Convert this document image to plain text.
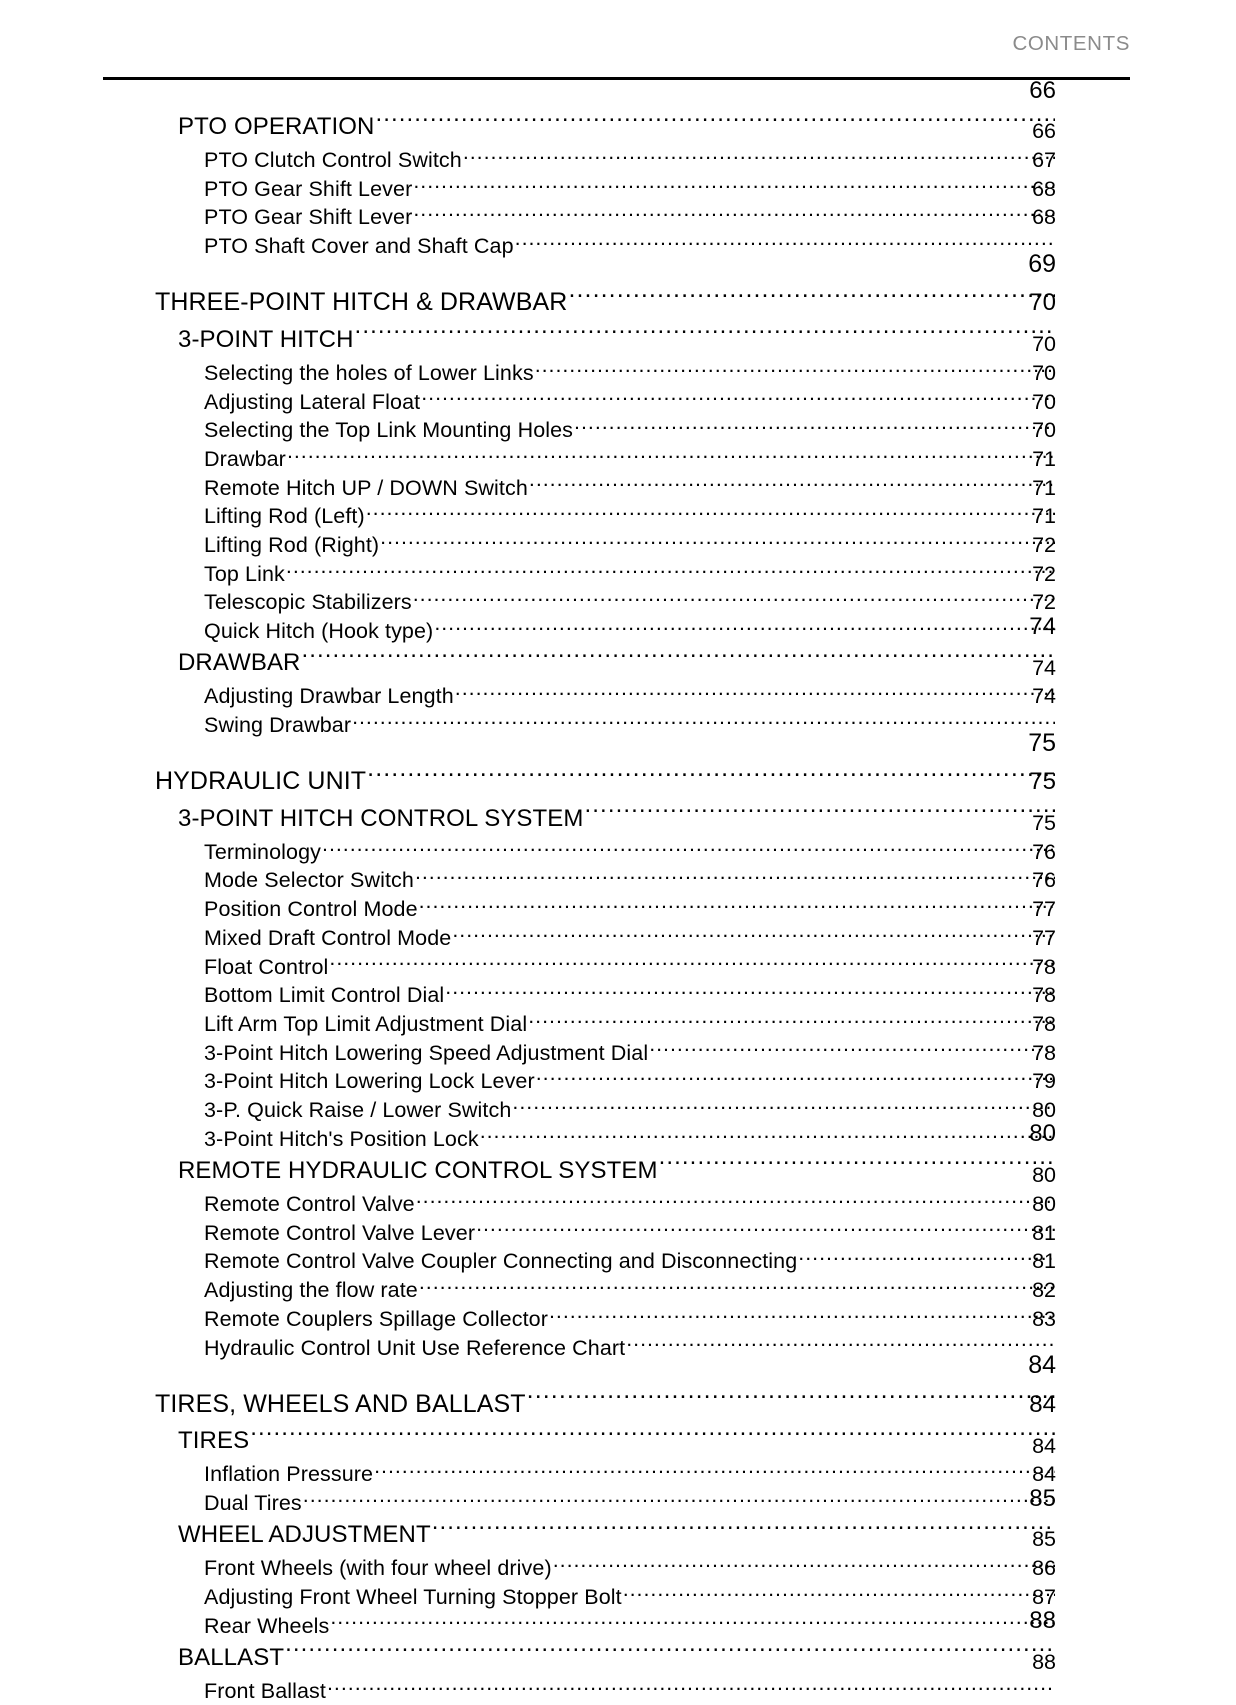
CONTENTS
PTO OPERATION
.....
66
PTO Clutch Control Switch
.....
66
PTO Gear Shift Lever
.....
67
PTO Gear Shift Lever
.....
68
PTO Shaft Cover and Shaft Cap
.....
68
THREE-POINT HITCH & DRAWBAR
.....
69
3-POINT HITCH
.....
70
Selecting the holes of Lower Links
.....
70
Adjusting Lateral Float
.....
70
Selecting the Top Link Mounting Holes
.....
70
Drawbar
.....
70
Remote Hitch UP / DOWN Switch
.....
71
Lifting Rod (Left)
.....
71
Lifting Rod (Right)
.....
71
Top Link
.....
72
Telescopic Stabilizers
.....
72
Quick Hitch (Hook type)
.....
72
DRAWBAR
.....
74
Adjusting Drawbar Length
.....
74
Swing Drawbar
.....
74
HYDRAULIC UNIT
.....
75
3-POINT HITCH CONTROL SYSTEM
.....
75
Terminology
.....
75
Mode Selector Switch
.....
76
Position Control Mode
.....
76
Mixed Draft Control Mode
.....
77
Float Control
.....
77
Bottom Limit Control Dial
.....
78
Lift Arm Top Limit Adjustment Dial
.....
78
3-Point Hitch Lowering Speed Adjustment Dial
.....
78
3-Point Hitch Lowering Lock Lever
.....
78
3-P. Quick Raise / Lower Switch
.....
79
3-Point Hitch's Position Lock
.....
80
REMOTE HYDRAULIC CONTROL SYSTEM
.....
80
Remote Control Valve
.....
80
Remote Control Valve Lever
.....
80
Remote Control Valve Coupler Connecting and Disconnecting
.....
81
Adjusting the flow rate
.....
81
Remote Couplers Spillage Collector
.....
82
Hydraulic Control Unit Use Reference Chart
.....
83
TIRES, WHEELS AND BALLAST
.....
84
TIRES
.....
84
Inflation Pressure
.....
84
Dual Tires
.....
84
WHEEL ADJUSTMENT
.....
85
Front Wheels (with four wheel drive)
.....
85
Adjusting Front Wheel Turning Stopper Bolt
.....
86
Rear Wheels
.....
87
BALLAST
.....
88
Front Ballast
.....
88
